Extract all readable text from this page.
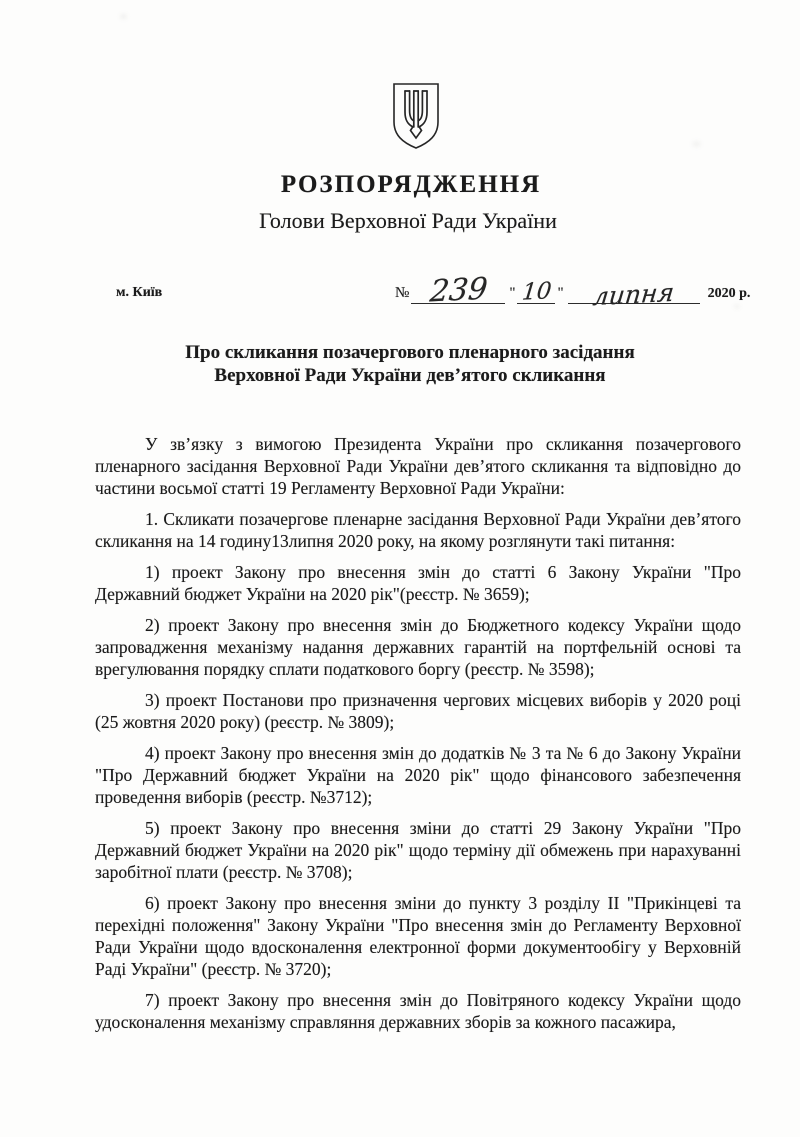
РОЗПОРЯДЖЕННЯ
Голови Верховної Ради України
м. Київ	№ 239 " 10 " липня 2020 р.
Про скликання позачергового пленарного засідання
Верховної Ради України дев’ятого скликання

У зв’язку з вимогою Президента України про скликання позачергового пленарного засідання Верховної Ради України дев’ятого скликання та відповідно до частини восьмої статті 19 Регламенту Верховної Ради України:

1. Скликати позачергове пленарне засідання Верховної Ради України дев’ятого скликання на 14 годину13липня 2020 року, на якому розглянути такі питання:

1) проект Закону про внесення змін до статті 6 Закону України "Про Державний бюджет України на 2020 рік"(реєстр. № 3659);

2) проект Закону про внесення змін до Бюджетного кодексу України щодо запровадження механізму надання державних гарантій на портфельній основі та врегулювання порядку сплати податкового боргу (реєстр. № 3598);

3) проект Постанови про призначення чергових місцевих виборів у 2020 році (25 жовтня 2020 року) (реєстр. № 3809);

4) проект Закону про внесення змін до додатків № 3 та № 6 до Закону України "Про Державний бюджет України на 2020 рік" щодо фінансового забезпечення проведення виборів (реєстр. №3712);

5) проект Закону про внесення зміни до статті 29 Закону України "Про Державний бюджет України на 2020 рік" щодо терміну дії обмежень при нарахуванні заробітної плати (реєстр. № 3708);

6) проект Закону про внесення зміни до пункту 3 розділу II "Прикінцеві та перехідні положення" Закону України "Про внесення змін до Регламенту Верховної Ради України щодо вдосконалення електронної форми документообігу у Верховній Раді України" (реєстр. № 3720);

7) проект Закону про внесення змін до Повітряного кодексу України щодо удосконалення механізму справляння державних зборів за кожного пасажира,
